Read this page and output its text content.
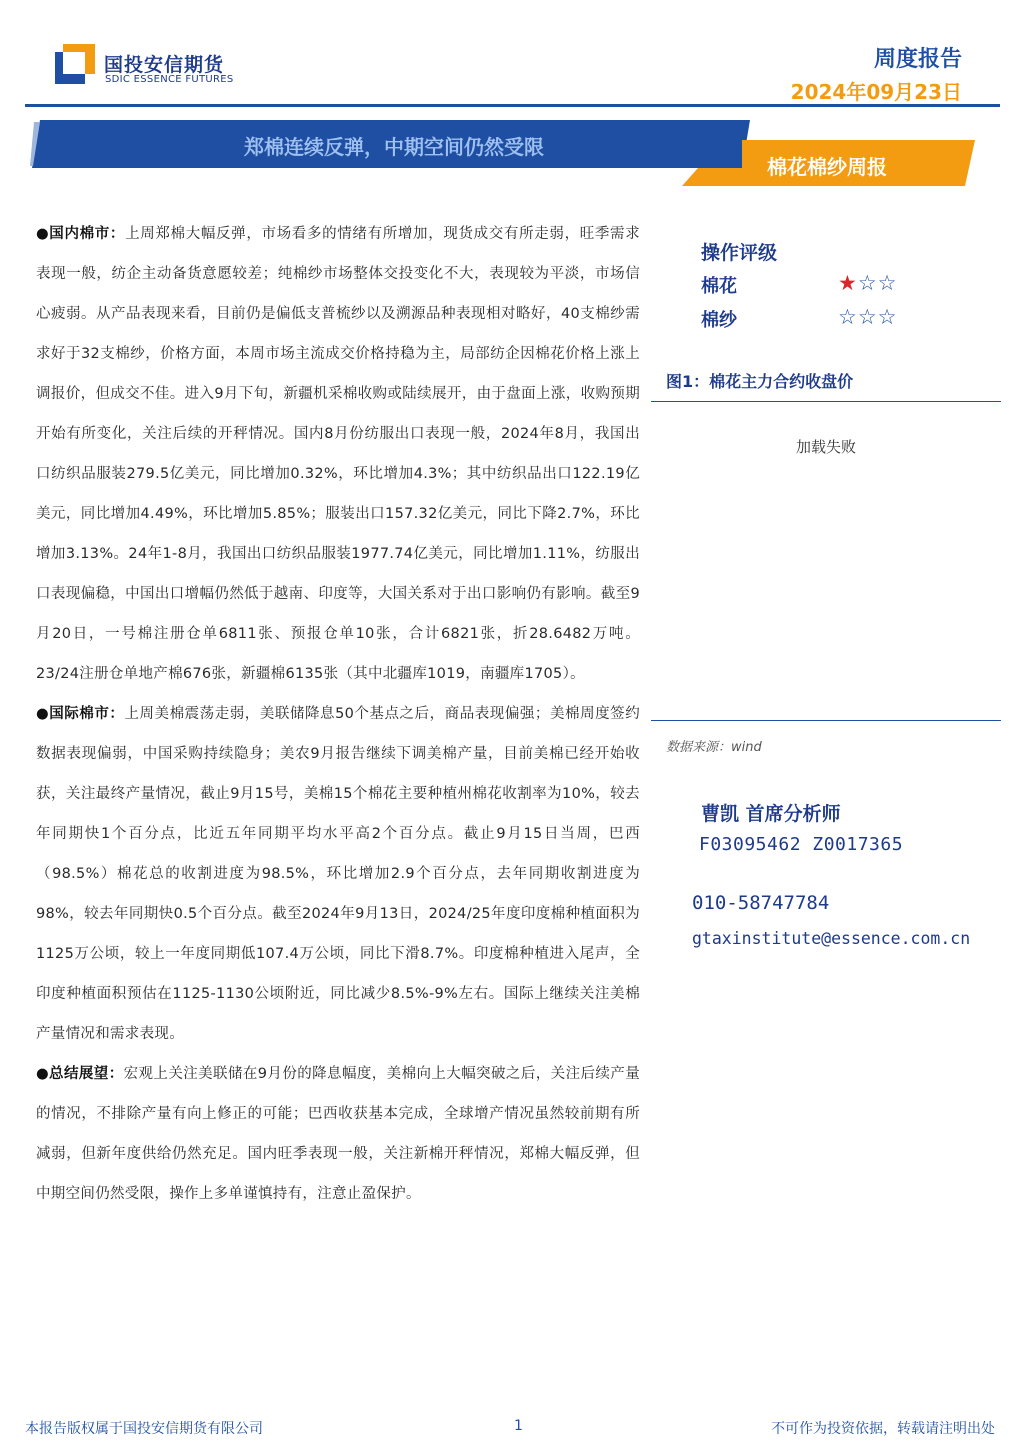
国投安信期货
SDIC ESSENCE FUTURES
周度报告
2024年09月23日
郑棉连续反弹，中期空间仍然受限
棉花棉纱周报

●国内棉市：上周郑棉大幅反弹，市场看多的情绪有所增加，现货成交有所走弱，旺季需求表现一般，纺企主动备货意愿较差；纯棉纱市场整体交投变化不大，表现较为平淡，市场信心疲弱。从产品表现来看，目前仍是偏低支普梳纱以及溯源品种表现相对略好，40支棉纱需求好于32支棉纱，价格方面，本周市场主流成交价格持稳为主，局部纺企因棉花价格上涨上调报价，但成交不佳。进入9月下旬，新疆机采棉收购或陆续展开，由于盘面上涨，收购预期开始有所变化，关注后续的开秤情况。国内8月份纺服出口表现一般，2024年8月，我国出口纺织品服装279.5亿美元，同比增加0.32%，环比增加4.3%；其中纺织品出口122.19亿美元，同比增加4.49%，环比增加5.85%；服装出口157.32亿美元，同比下降2.7%，环比增加3.13%。24年1-8月，我国出口纺织品服装1977.74亿美元，同比增加1.11%，纺服出口表现偏稳，中国出口增幅仍然低于越南、印度等，大国关系对于出口影响仍有影响。截至9月20日，一号棉注册仓单6811张、预报仓单10张，合计6821张，折28.6482万吨。23/24注册仓单地产棉676张，新疆棉6135张（其中北疆库1019，南疆库1705）。

●国际棉市：上周美棉震荡走弱，美联储降息50个基点之后，商品表现偏强；美棉周度签约数据表现偏弱，中国采购持续隐身；美农9月报告继续下调美棉产量，目前美棉已经开始收获，关注最终产量情况，截止9月15号，美棉15个棉花主要种植州棉花收割率为10%，较去年同期快1个百分点，比近五年同期平均水平高2个百分点。截止9月15日当周，巴西（98.5%）棉花总的收割进度为98.5%，环比增加2.9个百分点，去年同期收割进度为98%，较去年同期快0.5个百分点。截至2024年9月13日，2024/25年度印度棉种植面积为1125万公顷，较上一年度同期低107.4万公顷，同比下滑8.7%。印度棉种植进入尾声，全印度种植面积预估在1125-1130公顷附近，同比减少8.5%-9%左右。国际上继续关注美棉产量情况和需求表现。

●总结展望：宏观上关注美联储在9月份的降息幅度，美棉向上大幅突破之后，关注后续产量的情况，不排除产量有向上修正的可能；巴西收获基本完成，全球增产情况虽然较前期有所减弱，但新年度供给仍然充足。国内旺季表现一般，关注新棉开秤情况，郑棉大幅反弹，但中期空间仍然受限，操作上多单谨慎持有，注意止盈保护。

操作评级
棉花	★☆☆
棉纱	☆☆☆
图1：棉花主力合约收盘价
加载失败
数据来源：wind
曹凯 首席分析师
F03095462 Z0017365
010-58747784
gtaxinstitute@essence.com.cn
本报告版权属于国投安信期货有限公司	1	不可作为投资依据，转载请注明出处
